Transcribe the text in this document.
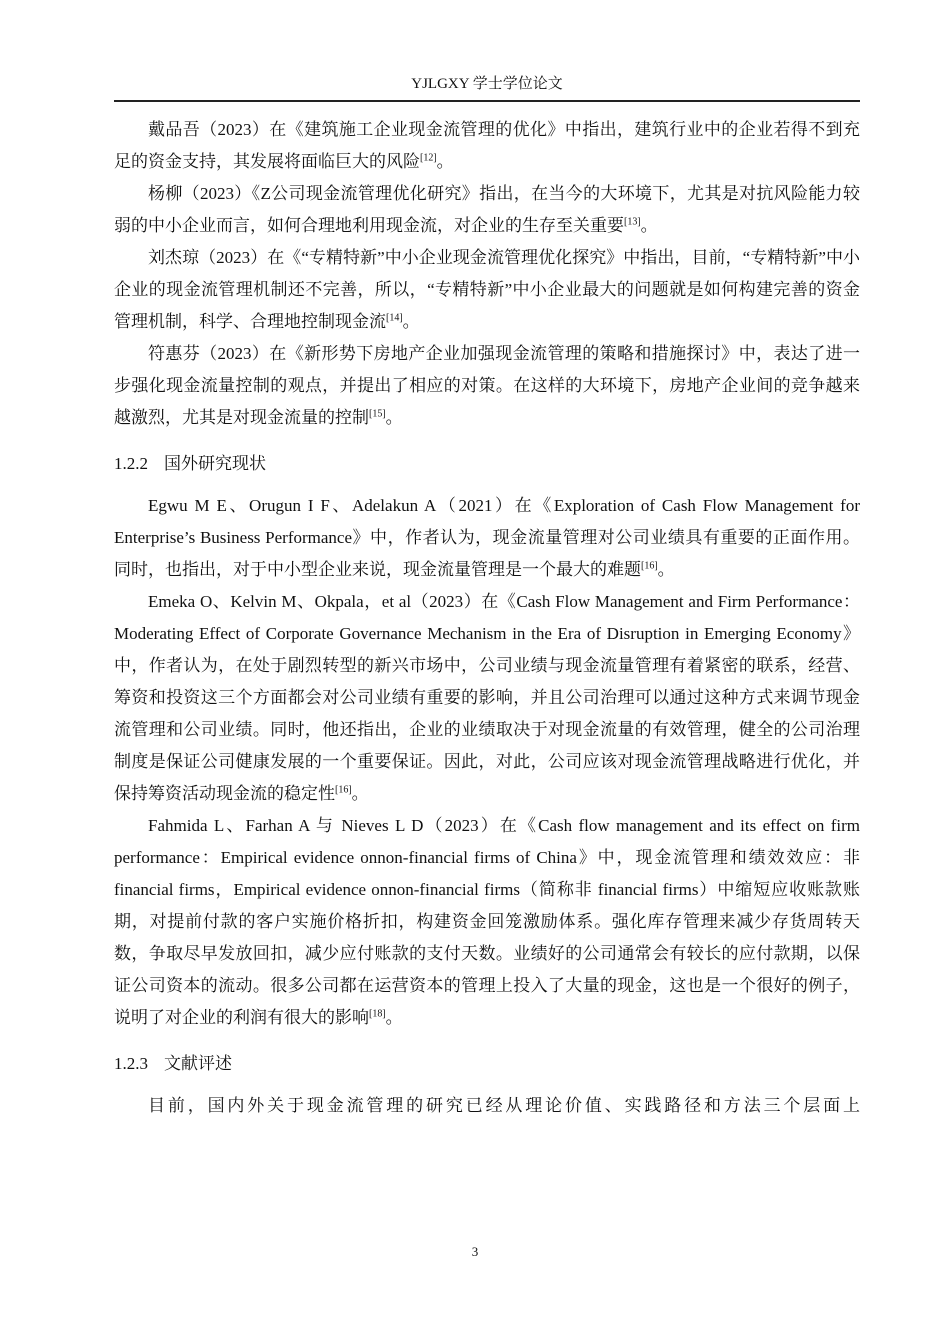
YJLGXY 学士学位论文

戴品吾（2023）在《建筑施工企业现金流管理的优化》中指出，建筑行业中的企业若得不到充足的资金支持，其发展将面临巨大的风险[12]。

杨柳（2023）《Z公司现金流管理优化研究》指出，在当今的大环境下，尤其是对抗风险能力较弱的中小企业而言，如何合理地利用现金流，对企业的生存至关重要[13]。

刘杰琼（2023）在《“专精特新”中小企业现金流管理优化探究》中指出，目前，“专精特新”中小企业的现金流管理机制还不完善，所以，“专精特新”中小企业最大的问题就是如何构建完善的资金管理机制，科学、合理地控制现金流[14]。

符惠芬（2023）在《新形势下房地产企业加强现金流管理的策略和措施探讨》中，表达了进一步强化现金流量控制的观点，并提出了相应的对策。在这样的大环境下，房地产企业间的竞争越来越激烈，尤其是对现金流量的控制[15]。

1.2.2 国外研究现状

Egwu M E、Orugun I F、Adelakun A（2021）在《Exploration of Cash Flow Management for Enterprise’s Business Performance》中，作者认为，现金流量管理对公司业绩具有重要的正面作用。同时，也指出，对于中小型企业来说，现金流量管理是一个最大的难题[16]。

Emeka O、Kelvin M、Okpala，et al（2023）在《Cash Flow Management and Firm Performance：Moderating Effect of Corporate Governance Mechanism in the Era of Disruption in Emerging Economy》中，作者认为，在处于剧烈转型的新兴市场中，公司业绩与现金流量管理有着紧密的联系，经营、筹资和投资这三个方面都会对公司业绩有重要的影响，并且公司治理可以通过这种方式来调节现金流管理和公司业绩。同时，他还指出，企业的业绩取决于对现金流量的有效管理，健全的公司治理制度是保证公司健康发展的一个重要保证。因此，对此，公司应该对现金流管理战略进行优化，并保持筹资活动现金流的稳定性[16]。

Fahmida L、Farhan A 与 Nieves L D（2023）在《Cash flow management and its effect on firm performance：Empirical evidence onnon-financial firms of China》中，现金流管理和绩效效应：非 financial firms，Empirical evidence onnon-financial firms（简称非 financial firms）中缩短应收账款账期，对提前付款的客户实施价格折扣，构建资金回笼激励体系。强化库存管理来减少存货周转天数，争取尽早发放回扣，减少应付账款的支付天数。业绩好的公司通常会有较长的应付款期，以保证公司资本的流动。很多公司都在运营资本的管理上投入了大量的现金，这也是一个很好的例子，说明了对企业的利润有很大的影响[18]。

1.2.3 文献评述

目前，国内外关于现金流管理的研究已经从理论价值、实践路径和方法三个层面上

3
